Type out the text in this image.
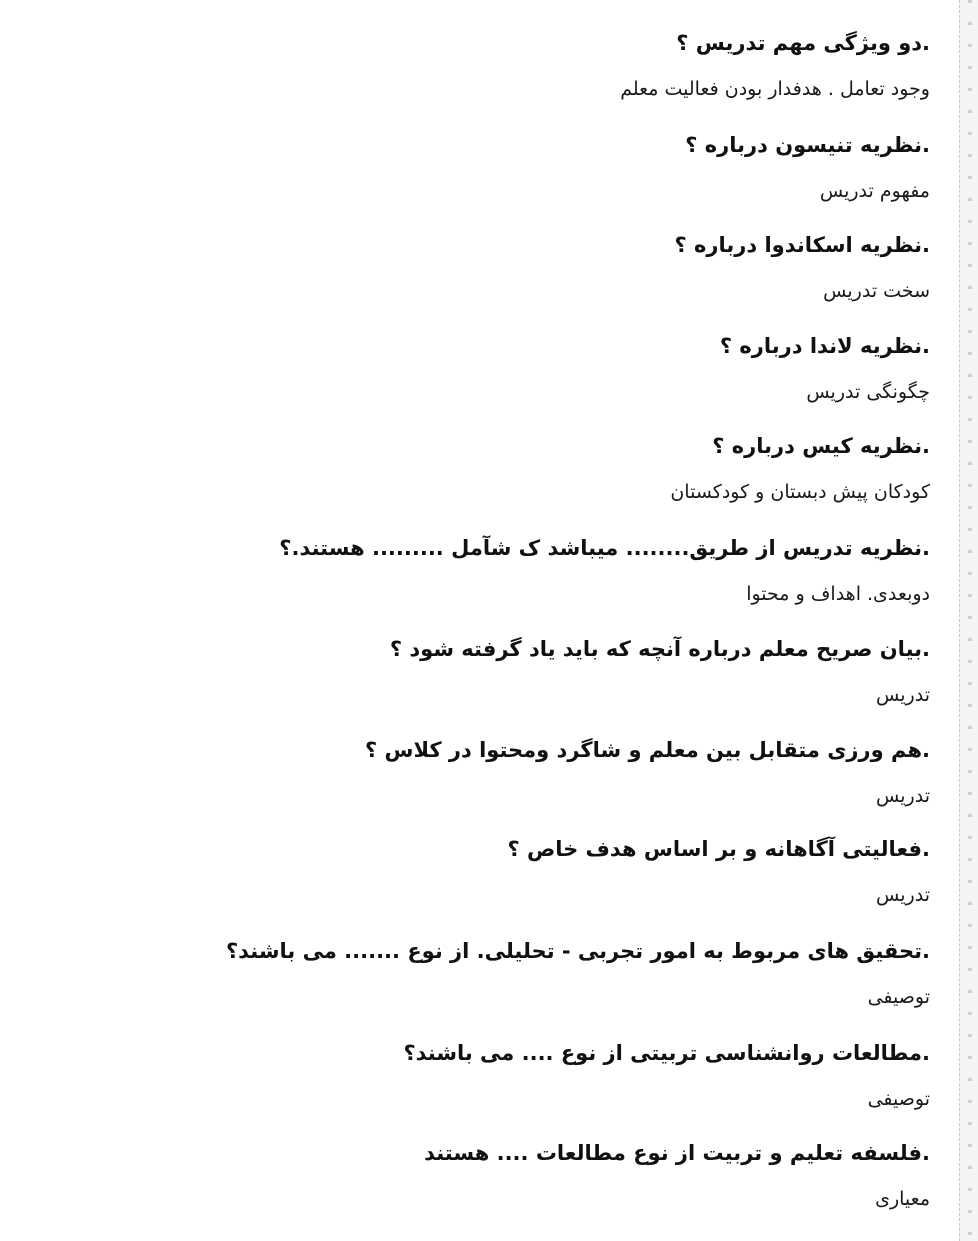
.دو ویژگی مهم تدریس ؟

وجود تعامل . هدفدار بودن فعالیت معلم

.نظریه تنیسون درباره ؟

مفهوم تدریس

.نظریه اسکاندوا درباره ؟

سخت تدریس

.نظریه لاندا درباره ؟

چگونگی تدریس

.نظریه کیس درباره ؟

کودکان پیش دبستان و کودکستان

.نظریه تدریس از طریق........ میباشد ک شآمل ......... هستند.؟

دوبعدی. اهداف و محتوا

.بیان صریح معلم درباره آنچه که باید یاد گرفته شود ؟

تدریس

.هم ورزی متقابل بین معلم و شاگرد ومحتوا در کلاس ؟

تدریس

.فعالیتی آگاهانه و بر اساس هدف خاص ؟

تدریس

.تحقیق های مربوط به امور تجربی - تحلیلی. از نوع ....... می باشند؟

توصیفی

.مطالعات روانشناسی تربیتی از نوع .... می باشند؟

توصیفی

.فلسفه تعلیم و تربیت از نوع مطالعات .... هستند

معیاری
